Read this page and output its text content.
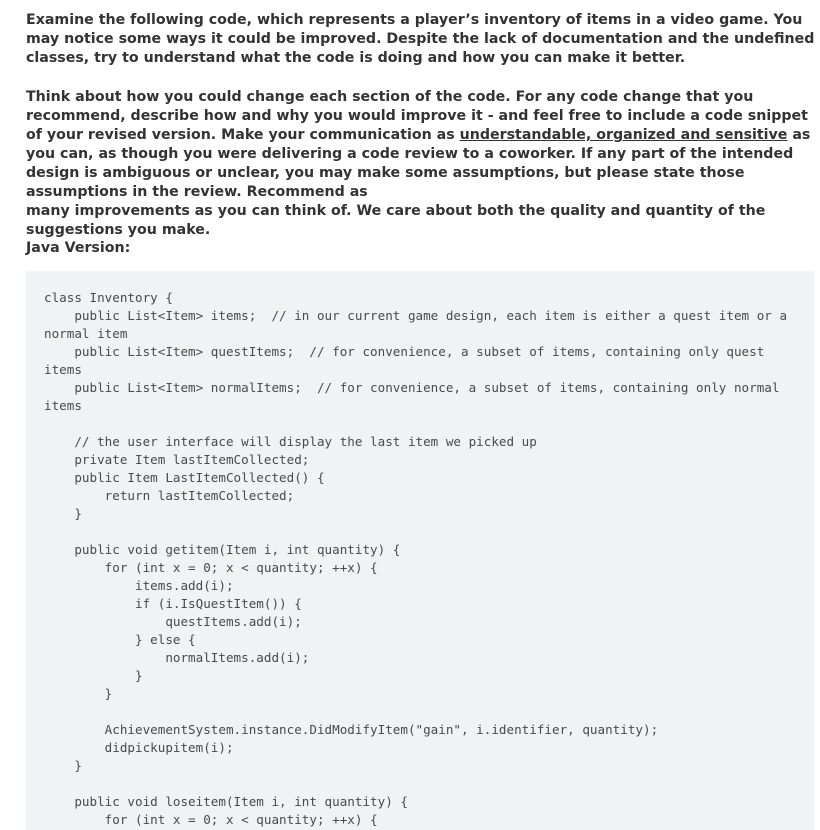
Examine the following code, which represents a player’s inventory of items in a video game. You may notice some ways it could be improved. Despite the lack of documentation and the undefined classes, try to understand what the code is doing and how you can make it better.

Think about how you could change each section of the code. For any code change that you recommend, describe how and why you would improve it - and feel free to include a code snippet of your revised version. Make your communication as understandable, organized and sensitive as you can, as though you were delivering a code review to a coworker. If any part of the intended design is ambiguous or unclear, you may make some assumptions, but please state those assumptions in the review. Recommend as
many improvements as you can think of. We care about both the quality and quantity of the suggestions you make.

Java Version:

class Inventory {
public List<Item> items;  // in our current game design, each item is either a quest item or a
normal item
public List<Item> questItems;  // for convenience, a subset of items, containing only quest
items
public List<Item> normalItems;  // for convenience, a subset of items, containing only normal
items
// the user interface will display the last item we picked up
private Item lastItemCollected;
public Item LastItemCollected() {
return lastItemCollected;
}
public void getitem(Item i, int quantity) {
for (int x = 0; x < quantity; ++x) {
items.add(i);
if (i.IsQuestItem()) {
questItems.add(i);
} else {
normalItems.add(i);
}
}
AchievementSystem.instance.DidModifyItem("gain", i.identifier, quantity);
didpickupitem(i);
}
public void loseitem(Item i, int quantity) {
for (int x = 0; x < quantity; ++x) {
